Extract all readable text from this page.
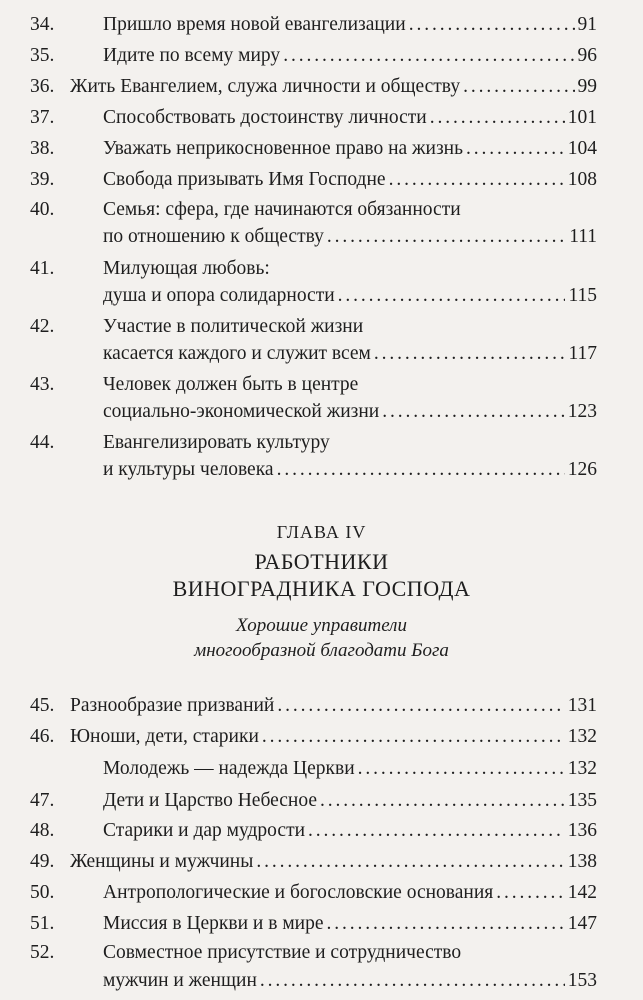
34. Пришло время новой евангелизации . . .	91
35. Идите по всему миру . . .	96
36. Жить Евангелием, служа личности и обществу . . .	99
37. Способствовать достоинству личности . . .	101
38. Уважать неприкосновенное право на жизнь . . .	104
39. Свобода призывать Имя Господне . . .	108
40. Семья: сфера, где начинаются обязанности
по отношению к обществу . . .	111
41. Милующая любовь:
душа и опора солидарности . . .	115
42. Участие в политической жизни
касается каждого и служит всем . . .	117
43. Человек должен быть в центре
социально-экономической жизни . . .	123
44. Евангелизировать культуру
и культуры человека . . .	126
ГЛАВА IV
РАБОТНИКИ
ВИНОГРАДНИКА ГОСПОДА
Хорошие управители
многообразной благодати Бога
45. Разнообразие призваний . . .	131
46. Юноши, дети, старики . . .	132
Молодежь — надежда Церкви . . .	132
47. Дети и Царство Небесное . . .	135
48. Старики и дар мудрости . . .	136
49. Женщины и мужчины . . .	138
50. Антропологические и богословские основания . . .	142
51. Миссия в Церкви и в мире . . .	147
52. Совместное присутствие и сотрудничество
мужчин и женщин . . .	153
